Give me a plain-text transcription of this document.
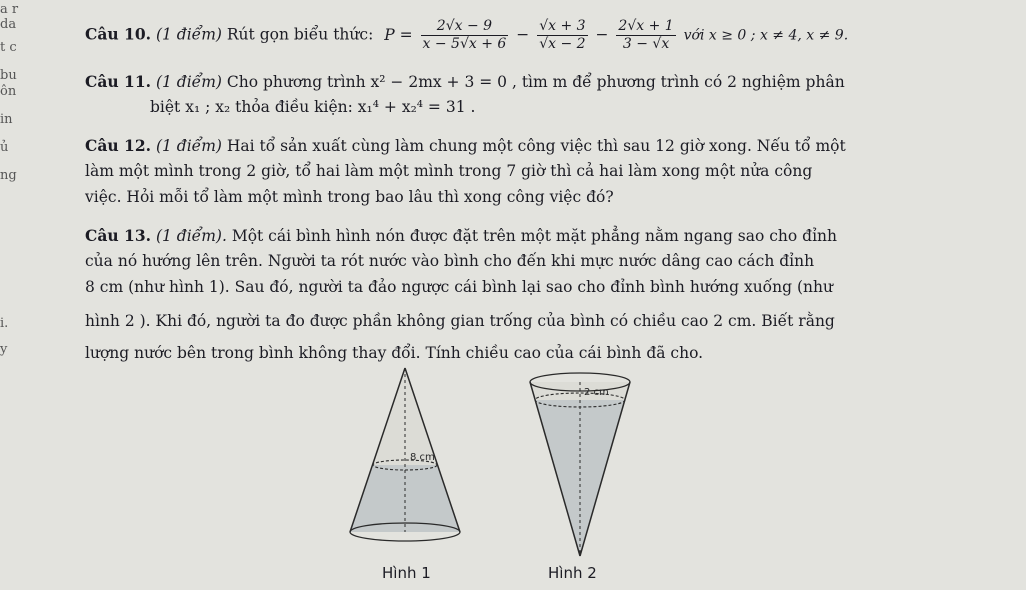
a r
da
t c
bu
ôn
in
ủ
ng
i.
y
Câu 10. (1 điểm) Rút gọn biểu thức: $P = \frac{2√x - 9}{x - 5√x + 6} - \frac{√x + 3}{√x - 2} - \frac{2√x + 1}{3 - √x}$ với x ≥ 0 ; x ≠ 4, x ≠ 9.
Câu 11. (1 điểm) Cho phương trình x² − 2mx + 3 = 0 , tìm m để phương trình có 2 nghiệm phân
biệt x₁ ; x₂ thỏa điều kiện: x₁⁴ + x₂⁴ = 31 .
Câu 12. (1 điểm) Hai tổ sản xuất cùng làm chung một công việc thì sau 12 giờ xong. Nếu tổ một
làm một mình trong 2 giờ, tổ hai làm một mình trong 7 giờ thì cả hai làm xong một nửa công
việc. Hỏi mỗi tổ làm một mình trong bao lâu thì xong công việc đó?
Câu 13. (1 điểm). Một cái bình hình nón được đặt trên một mặt phẳng nằm ngang sao cho đỉnh
của nó hướng lên trên. Người ta rót nước vào bình cho đến khi mực nước dâng cao cách đỉnh
8 cm (như hình 1). Sau đó, người ta đảo ngược cái bình lại sao cho đỉnh bình hướng xuống (như
hình 2 ). Khi đó, người ta đo được phần không gian trống của bình có chiều cao 2 cm. Biết rằng
lượng nước bên trong bình không thay đổi. Tính chiều cao của cái bình đã cho.
8 cm
Hình 1
2 cm
Hình 2
